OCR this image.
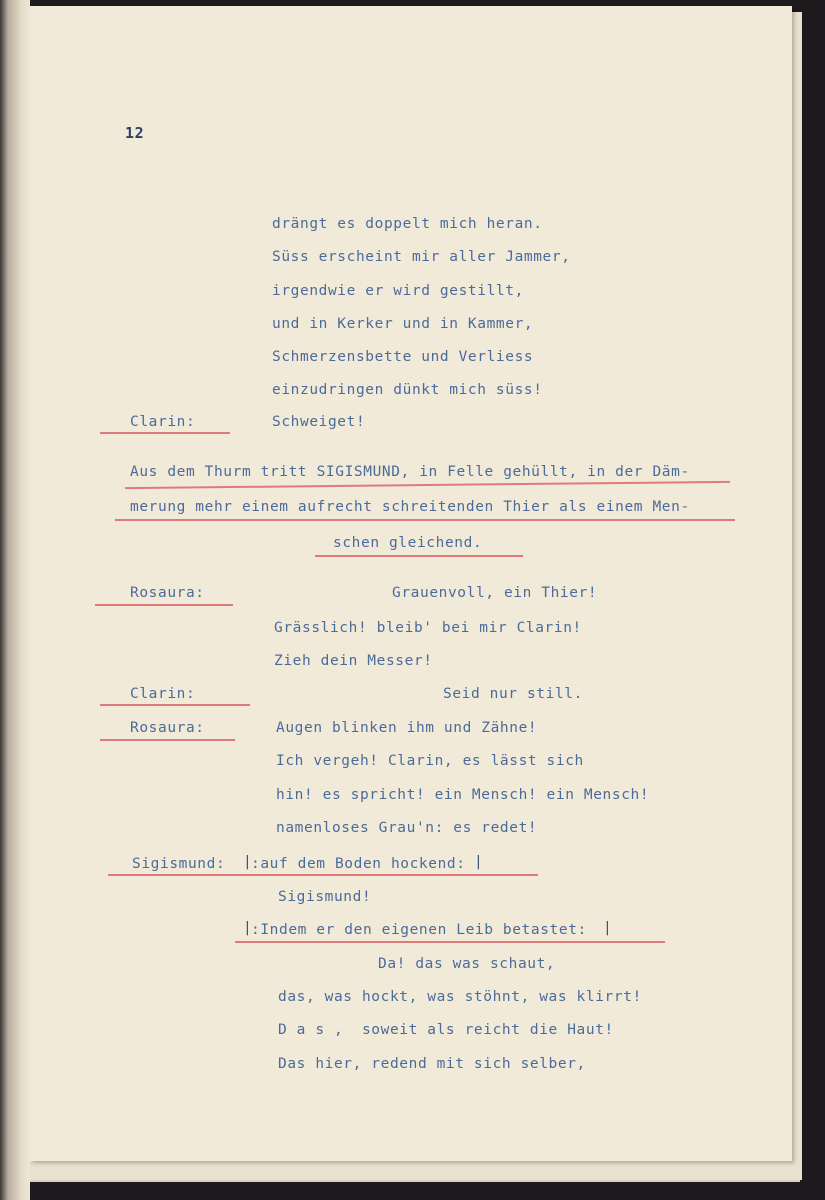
12
drängt es doppelt mich heran.
Süss erscheint mir aller Jammer,
irgendwie er wird gestillt,
und in Kerker und in Kammer,
Schmerzensbette und Verliess
einzudringen dünkt mich süss!
Clarin:	Schweiget!
Aus dem Thurm tritt SIGISMUND, in Felle gehüllt, in der Däm-
merung mehr einem aufrecht schreitenden Thier als einem Men-
schen gleichend.
Rosaura:	Grauenvoll, ein Thier!
Grässlich! bleib' bei mir Clarin!
Zieh dein Messer!
Clarin:	Seid nur still.
Rosaura:	Augen blinken ihm und Zähne!
Ich vergeh! Clarin, es lässt sich
hin! es spricht! ein Mensch! ein Mensch!
namenloses Grau'n: es redet!
Sigismund: |
:auf dem Boden hockend: |
Sigismund!
|
:Indem er den eigenen Leib betastet: |
Da! das was schaut,
das, was hockt, was stöhnt, was klirrt!
D a s ,  soweit als reicht die Haut!
Das hier, redend mit sich selber,
